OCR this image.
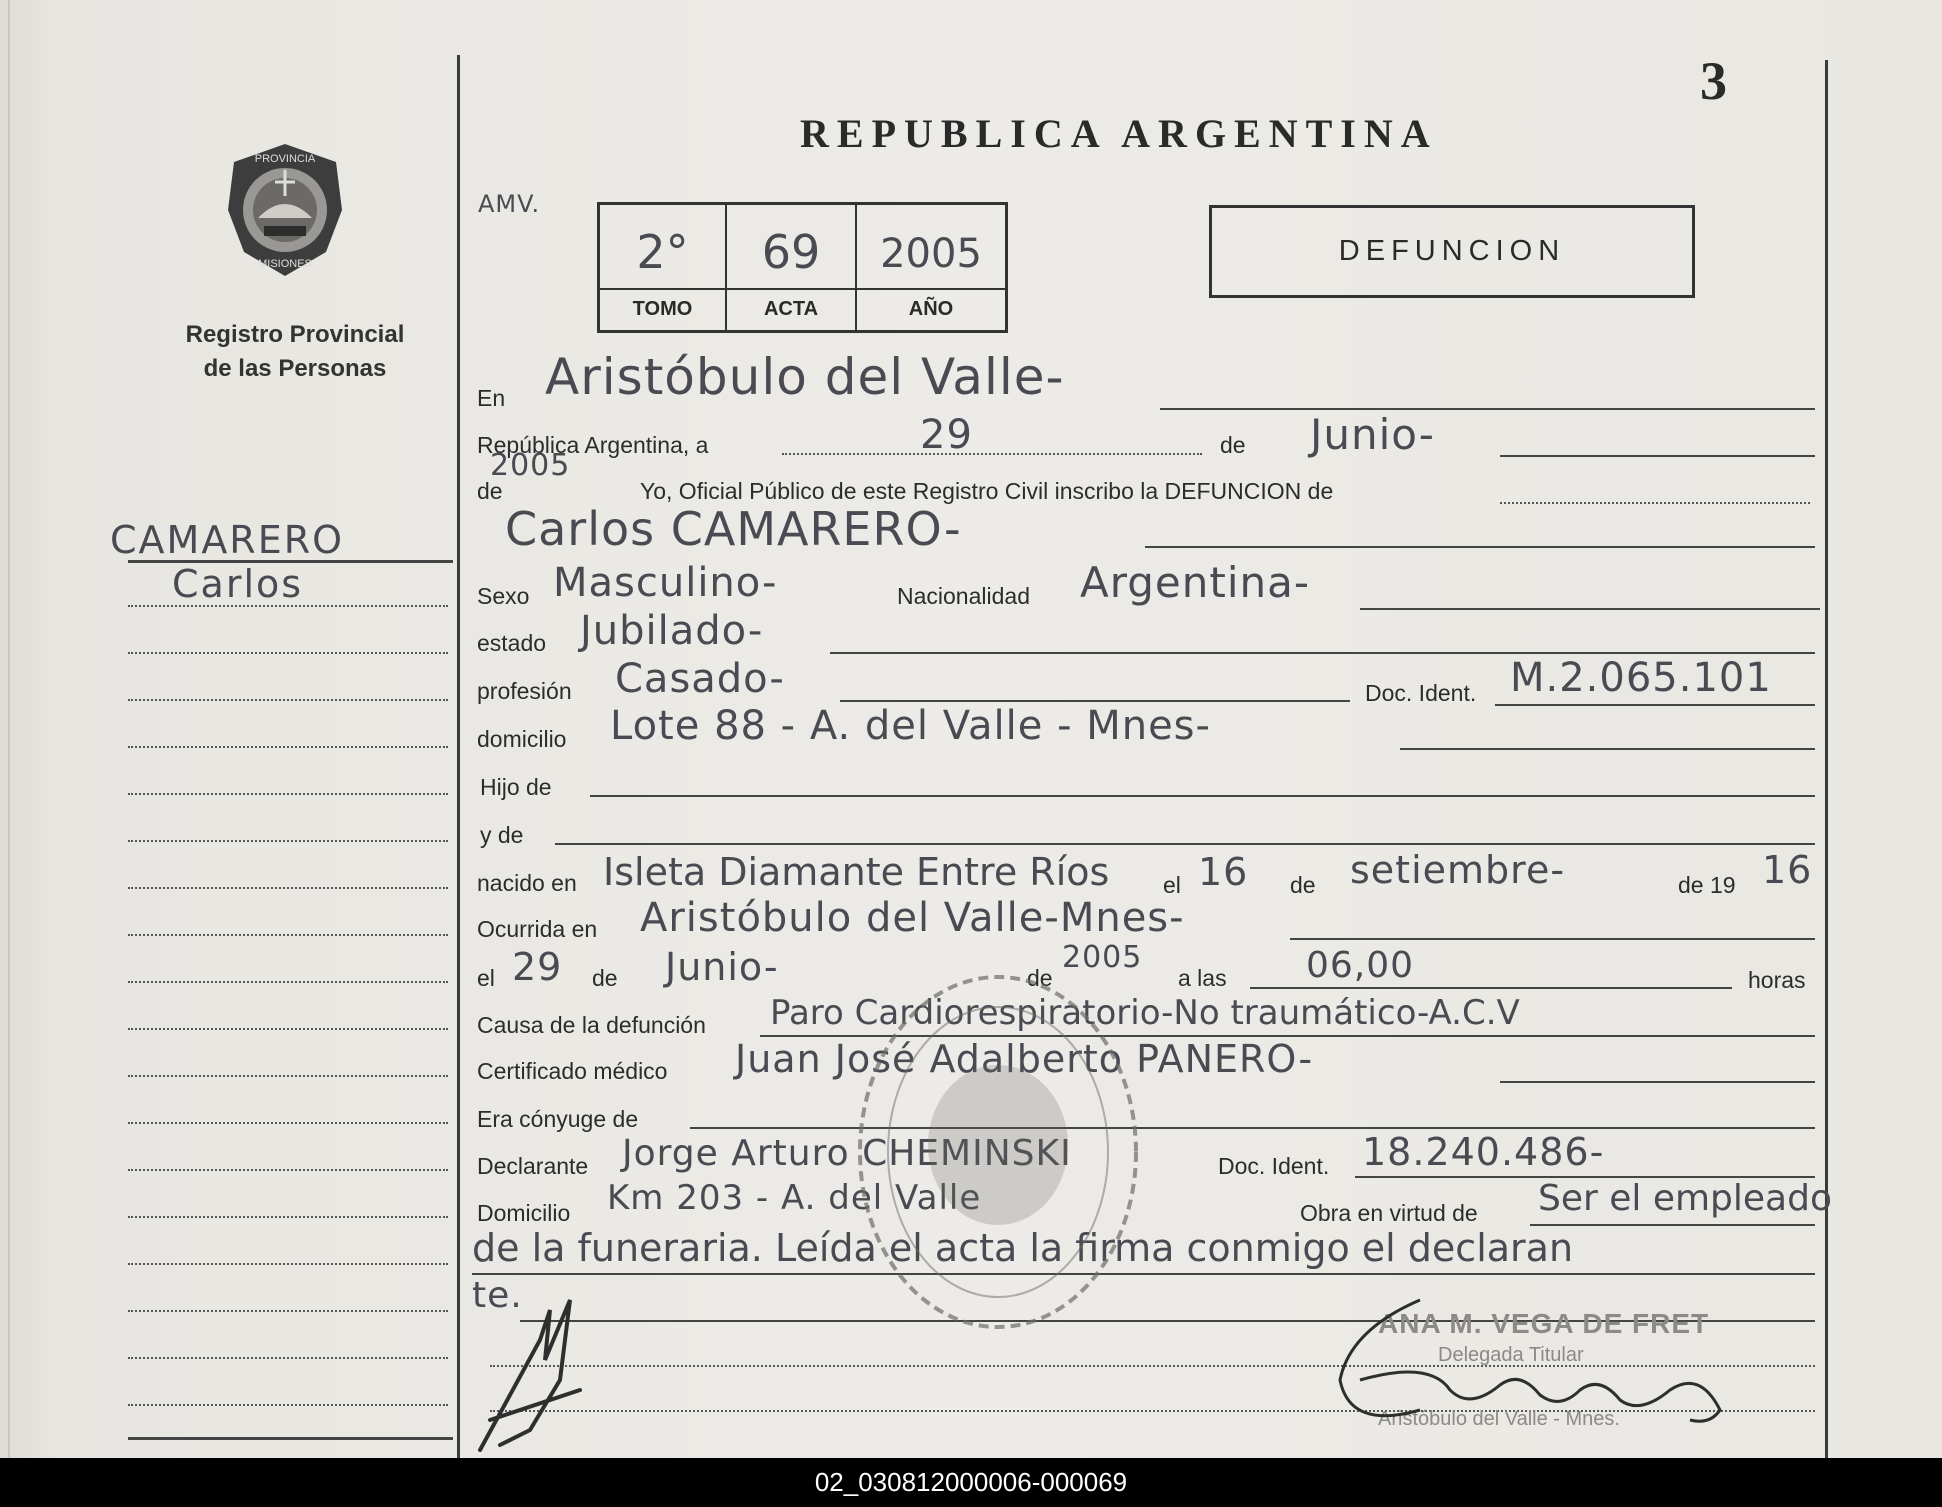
PROVINCIA
MISIONES
Registro Provincial
de las Personas
AMV.
CAMARERO
Carlos
3
REPUBLICA ARGENTINA
2°	69	2005
TOMO	ACTA	AÑO
DEFUNCION
En Aristóbulo del Valle-
República Argentina, a	29	de Junio-
2005
de	Yo, Oficial Público de este Registro Civil inscribo la DEFUNCION de
Carlos CAMARERO-
Sexo Masculino-	Nacionalidad Argentina-
estado Jubilado-
profesión Casado-	Doc. Ident. M.2.065.101
domicilio Lote 88 - A. del Valle - Mnes-
Hijo de
y de
nacido en Isleta Diamante Entre Ríos el 16 de setiembre-	de 19 16
Ocurrida en Aristóbulo del Valle-Mnes-
el 29 de Junio-	de
2005
a las 06,00	horas
Causa de la defunción Paro Cardiorespiratorio-No traumático-A.C.V
Certificado médico Juan José Adalberto PANERO-
Era cónyuge de
Declarante Jorge Arturo CHEMINSKI	Doc. Ident. 18.240.486-
Domicilio Km 203 - A. del Valle	Obra en virtud de Ser el empleado
de la funeraria. Leída el acta la firma conmigo el declaran
te.
ANA M. VEGA DE FRET
Delegada Titular
Aristóbulo del Valle - Mnes.
02_030812000006-000069
